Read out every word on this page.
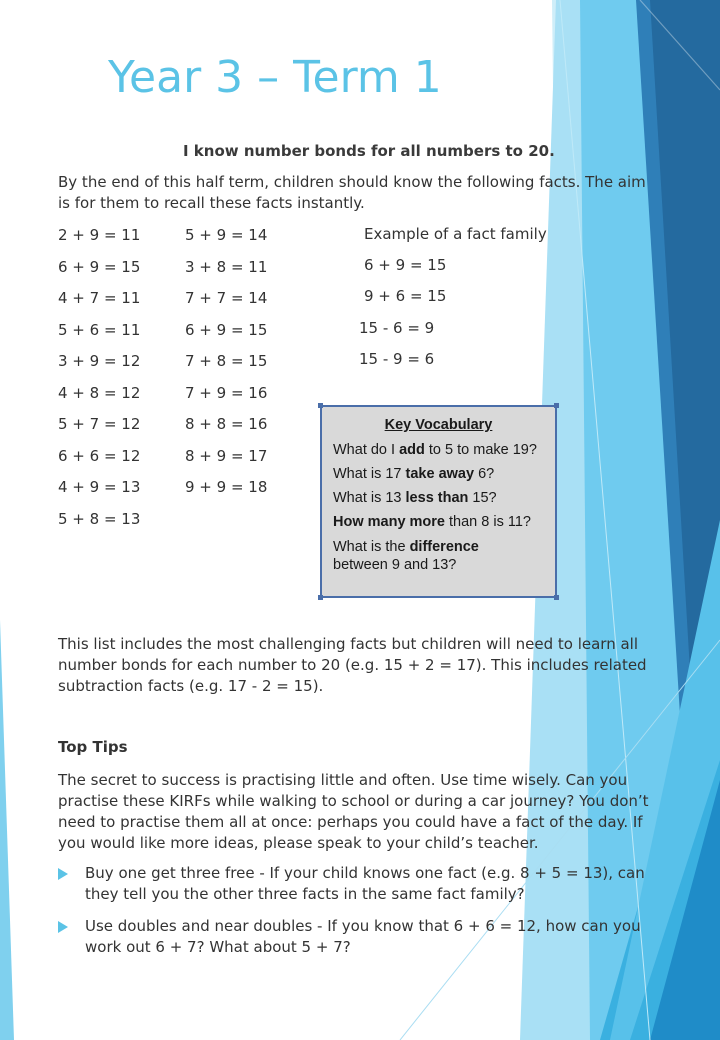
Year 3 – Term 1
I know number bonds for all numbers to 20.
By the end of this half term, children should know the following facts. The aim is for them to recall these facts instantly.
2 + 9 = 11
6 + 9 = 15
4 + 7 = 11
5 + 6 = 11
3 + 9 = 12
4 + 8 = 12
5 + 7 = 12
6 + 6 = 12
4 + 9 = 13
5 + 8 = 13
5 + 9 = 14
3 + 8 = 11
7 + 7 = 14
6 + 9 = 15
7 + 8 = 15
7 + 9 = 16
8 + 8 = 16
8 + 9 = 17
9 + 9 = 18
Example of a fact family
6 + 9 = 15
9 + 6 = 15
15 - 6 = 9
15 - 9 = 6
Key Vocabulary
What do I add to 5 to make 19?
What is 17 take away 6?
What is 13 less than 15?
How many more than 8 is 11?
What is the difference
between 9 and 13?
This list includes the most challenging facts but children will need to learn all number bonds for each number to 20 (e.g. 15 + 2 = 17). This includes related subtraction facts (e.g. 17 - 2 = 15).
Top Tips
The secret to success is practising little and often. Use time wisely. Can you practise these KIRFs while walking to school or during a car journey? You don’t need to practise them all at once: perhaps you could have a fact of the day. If you would like more ideas, please speak to your child’s teacher.
Buy one get three free - If your child knows one fact (e.g. 8 + 5 = 13), can they tell you the other three facts in the same fact family?
Use doubles and near doubles - If you know that 6 + 6 = 12, how can you work out 6 + 7? What about 5 + 7?
